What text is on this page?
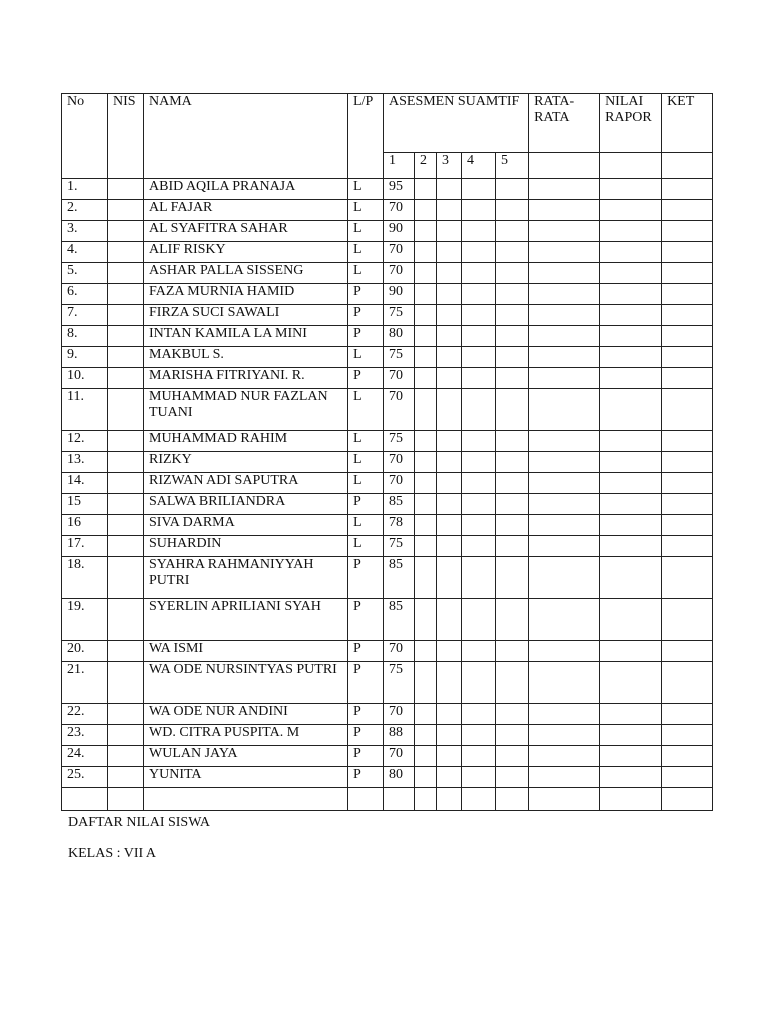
No	NIS	NAMA	L/P	ASESMEN SUAMTIF					RATA-RATA	NILAI RAPOR	KET
				1	2	3	4	5			
1.		ABID AQILA PRANAJA	L	95							
2.		AL FAJAR	L	70							
3.		AL SYAFITRA SAHAR	L	90							
4.		ALIF RISKY	L	70							
5.		ASHAR PALLA SISSENG	L	70							
6.		FAZA MURNIA HAMID	P	90							
7.		FIRZA SUCI SAWALI	P	75							
8.		INTAN KAMILA LA MINI	P	80							
9.		MAKBUL S.	L	75							
10.		MARISHA FITRIYANI. R.	P	70							
11.		MUHAMMAD NUR FAZLAN TUANI	L	70							
12.		MUHAMMAD RAHIM	L	75							
13.		RIZKY	L	70							
14.		RIZWAN ADI SAPUTRA	L	70							
15		SALWA BRILIANDRA	P	85							
16		SIVA DARMA	L	78							
17.		SUHARDIN	L	75							
18.		SYAHRA RAHMANIYYAH PUTRI	P	85							
19.		SYERLIN APRILIANI SYAH	P	85							
20.		WA ISMI	P	70							
21.		WA ODE NURSINTYAS PUTRI	P	75							
22.		WA ODE NUR ANDINI	P	70							
23.		WD. CITRA PUSPITA. M	P	88							
24.		WULAN JAYA	P	70							
25.		YUNITA	P	80							

DAFTAR NILAI SISWA
KELAS : VII A
